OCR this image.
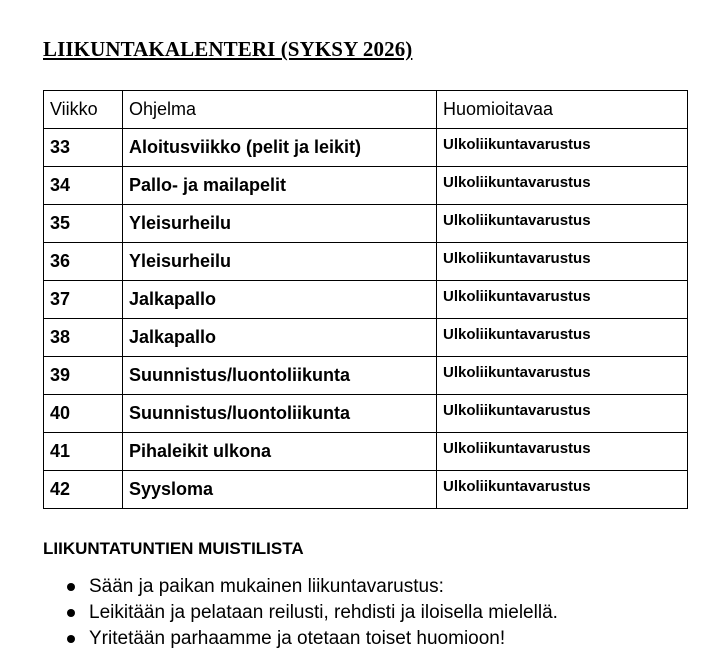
LIIKUNTAKALENTERI (SYKSY 2026)
Viikko	Ohjelma	Huomioitavaa
33	Aloitusviikko (pelit ja leikit)	Ulkoliikuntavarustus
34	Pallo- ja mailapelit	Ulkoliikuntavarustus
35	Yleisurheilu	Ulkoliikuntavarustus
36	Yleisurheilu	Ulkoliikuntavarustus
37	Jalkapallo	Ulkoliikuntavarustus
38	Jalkapallo	Ulkoliikuntavarustus
39	Suunnistus/luontoliikunta	Ulkoliikuntavarustus
40	Suunnistus/luontoliikunta	Ulkoliikuntavarustus
41	Pihaleikit ulkona	Ulkoliikuntavarustus
42	Syysloma	Ulkoliikuntavarustus
LIIKUNTATUNTIEN MUISTILISTA
Sään ja paikan mukainen liikuntavarustus:
Leikitään ja pelataan reilusti, rehdisti ja iloisella mielellä.
Yritetään parhaamme ja otetaan toiset huomioon!
